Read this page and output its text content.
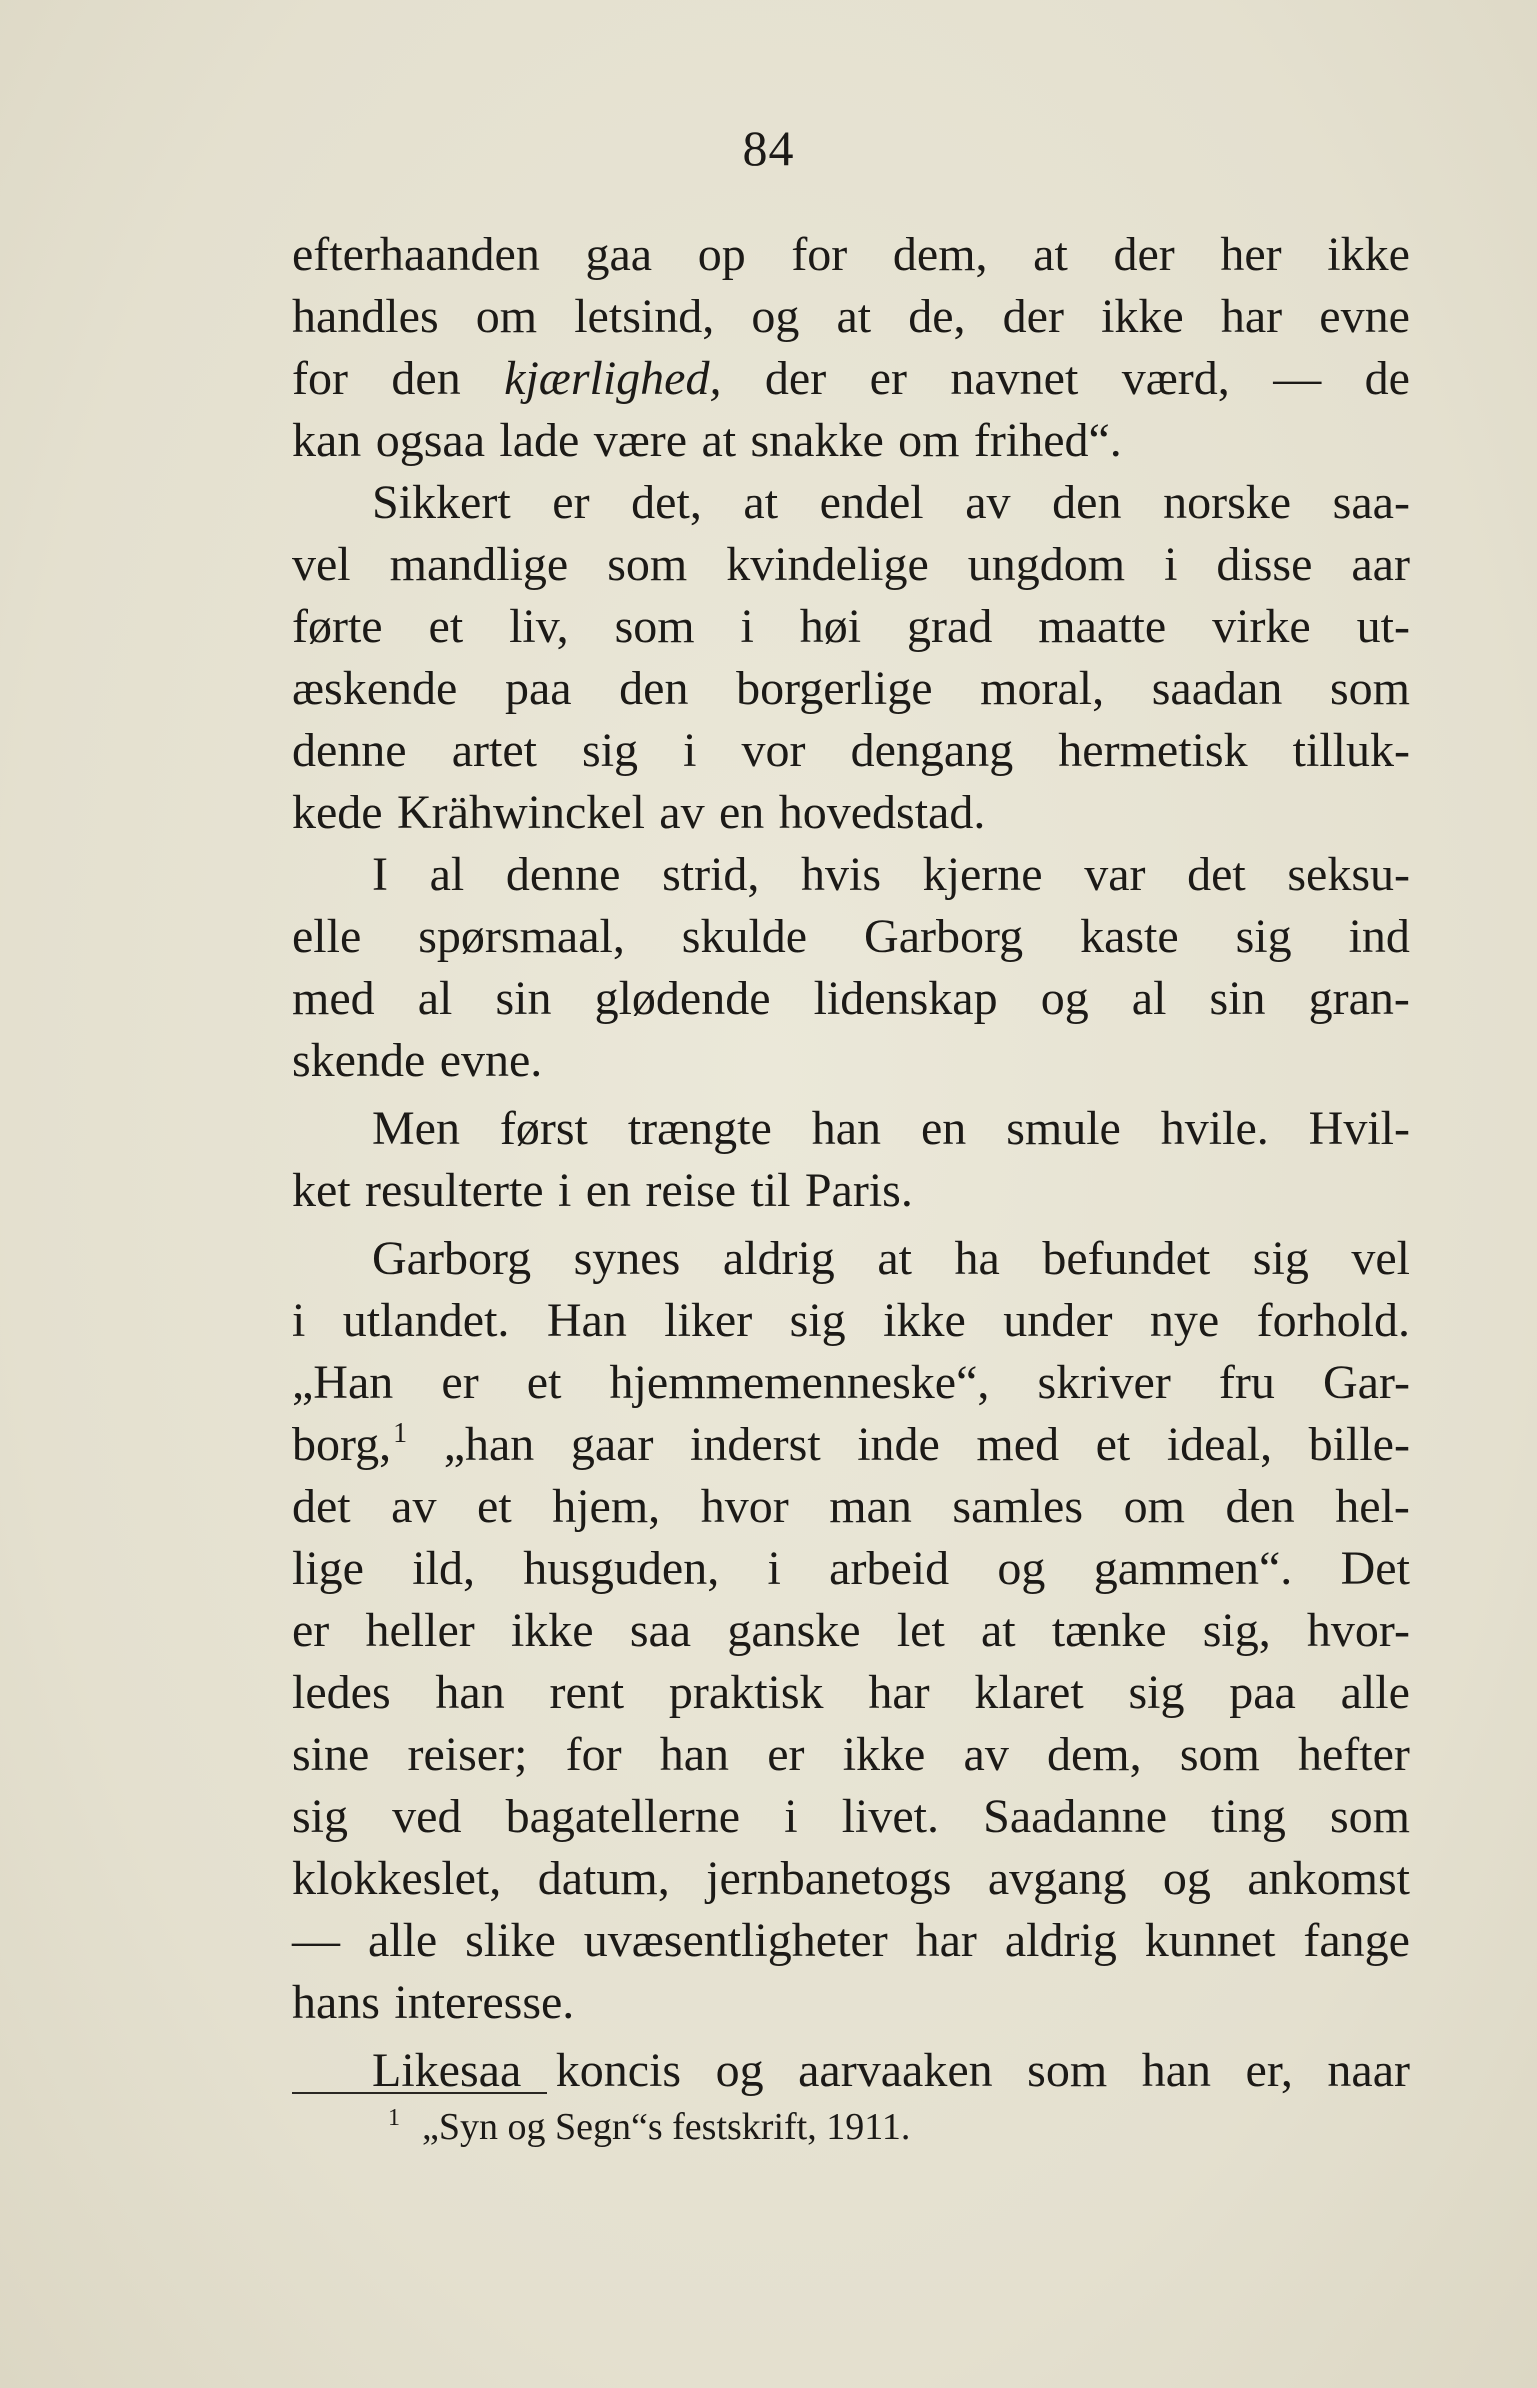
84
efterhaanden gaa op for dem, at der her ikke
handles om letsind, og at de, der ikke har evne
for den kjærlighed, der er navnet værd, — de
kan ogsaa lade være at snakke om frihed“.
Sikkert er det, at endel av den norske saa-
vel mandlige som kvindelige ungdom i disse aar
førte et liv, som i høi grad maatte virke ut-
æskende paa den borgerlige moral, saadan som
denne artet sig i vor dengang hermetisk tilluk-
kede Krähwinckel av en hovedstad.
I al denne strid, hvis kjerne var det seksu-
elle spørsmaal, skulde Garborg kaste sig ind
med al sin glødende lidenskap og al sin gran-
skende evne.
Men først trængte han en smule hvile. Hvil-
ket resulterte i en reise til Paris.
Garborg synes aldrig at ha befundet sig vel
i utlandet. Han liker sig ikke under nye forhold.
„Han er et hjemmemenneske“, skriver fru Gar-
borg,$^1$ „han gaar inderst inde med et ideal, bille-
det av et hjem, hvor man samles om den hel-
lige ild, husguden, i arbeid og gammen“. Det
er heller ikke saa ganske let at tænke sig, hvor-
ledes han rent praktisk har klaret sig paa alle
sine reiser; for han er ikke av dem, som hefter
sig ved bagatellerne i livet. Saadanne ting som
klokkeslet, datum, jernbanetogs avgang og ankomst
— alle slike uvæsentligheter har aldrig kunnet fange
hans interesse.
Likesaa koncis og aarvaaken som han er, naar
$^1$ „Syn og Segn“s festskrift, 1911.
